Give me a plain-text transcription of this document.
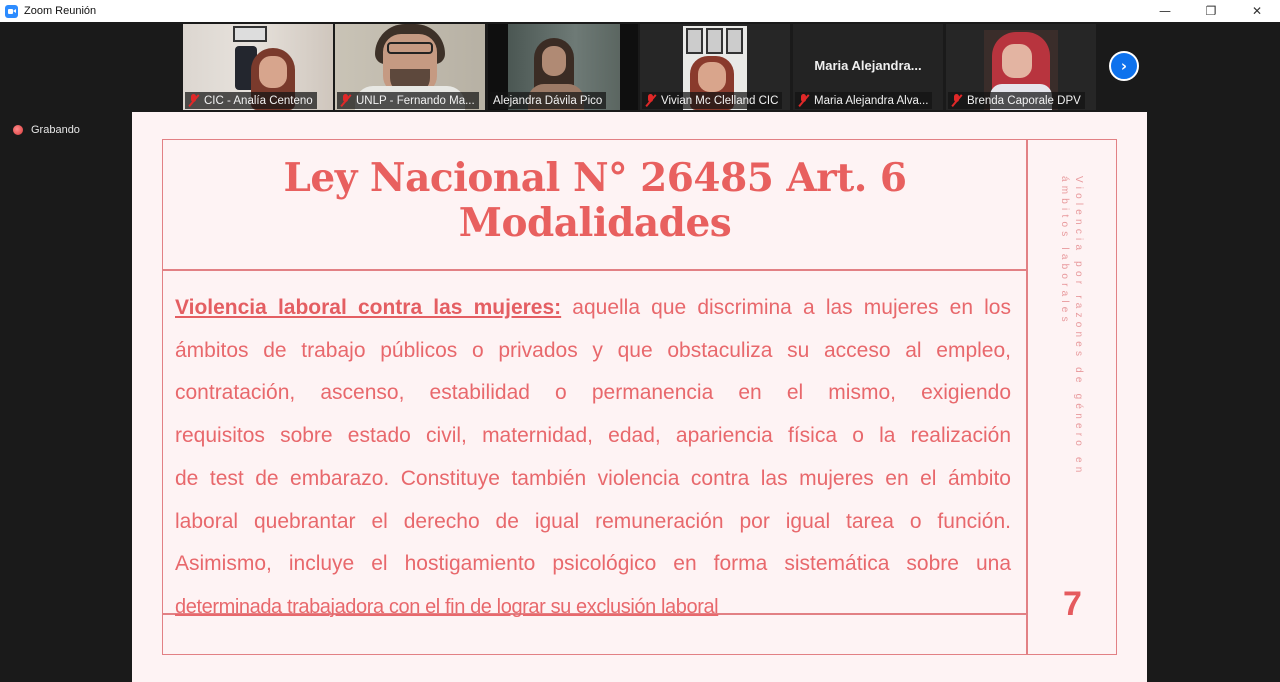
Zoom Reunión	—	❐	✕
CIC - Analía Centeno	UNLP - Fernando Ma... Alejandra Dávila Pico	Vivian Mc Clelland CIC
Maria Alejandra...
Maria Alejandra Alva...	Brenda Caporale DPV
›
Grabando
Ley Nacional N° 26485 Art. 6
Modalidades
Violencia laboral contra las mujeres: aquella que discrimina a las mujeres en los
ámbitos de trabajo públicos o privados y que obstaculiza su acceso al empleo,
contratación, ascenso, estabilidad o permanencia en el mismo, exigiendo
requisitos sobre estado civil, maternidad, edad, apariencia física o la realización
de test de embarazo. Constituye también violencia contra las mujeres en el ámbito
laboral quebrantar el derecho de igual remuneración por igual tarea o función.
Asimismo, incluye el hostigamiento psicológico en forma sistemática sobre una
determinada trabajadora con el fin de lograr su exclusión laboral
Violencia por razones de género en
ámbitos laborales
7
